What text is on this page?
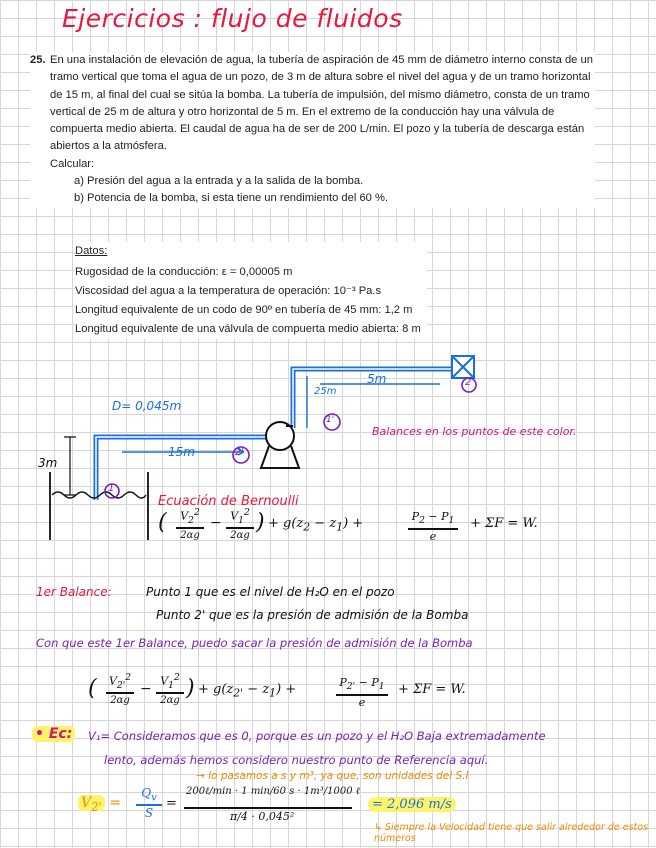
Ejercicios : flujo de fluidos
25. En una instalación de elevación de agua, la tubería de aspiración de 45 mm de diámetro interno consta de un tramo vertical que toma el agua de un pozo, de 3 m de altura sobre el nivel del agua y de un tramo horizontal de 15 m, al final del cual se sitúa la bomba. La tubería de impulsión, del mismo diámetro, consta de un tramo vertical de 25 m de altura y otro horizontal de 5 m. En el extremo de la conducción hay una válvula de compuerta medio abierta. El caudal de agua ha de ser de 200 L/min. El pozo y la tubería de descarga están abiertos a la atmósfera.
Calcular:
a) Presión del agua a la entrada y a la salida de la bomba.
b) Potencia de la bomba, si esta tiene un rendimiento del 60 %.
Datos:
Rugosidad de la conducción: ε = 0,00005 m
Viscosidad del agua a la temperatura de operación: 10⁻³ Pa.s
Longitud equivalente de un codo de 90º en tubería de 45 mm: 1,2 m
Longitud equivalente de una válvula de compuerta medio abierta: 8 m
25m
5m
D= 0,045m
15m
3m
2
1'
2'
1
Balances en los puntos de este color.
Ecuación de Bernoulli
(	$V_2^2$
2αg
− $V_1^2$
2αg
) + $g(z_2 - z_1)$ +	$P_2 - P_1$
e
+ ΣF = W.
1er Balance:	Punto 1 que es el nivel de H₂O en el pozo
Punto 2' que es la presión de admisión de la Bomba
Con que este 1er Balance, puedo sacar la presión de admisión de la Bomba
( $V_{2'}^2$
2αg
− $V_1^2$
2αg ) + $g(z_{2'} - z_1)$ +	$P_{2'} - P_1$
e
+ ΣF = W.
• Ec: V₁= Consideramos que es 0, porque es un pozo y el H₂O Baja extremadamente
lento, además hemos considero nuestro punto de Referencia aquí.
→ lo pasamos a s y m³, ya que, son unidades del S.I
$V_{2'}$ =
$Q_v$
S
=
200ℓ/min · 1 min/60 s · 1m³/1000 ℓ
π/4 · 0,045²
= 2,096 m/s
↳ Siempre la Velocidad tiene que salir alrededor de estos números
